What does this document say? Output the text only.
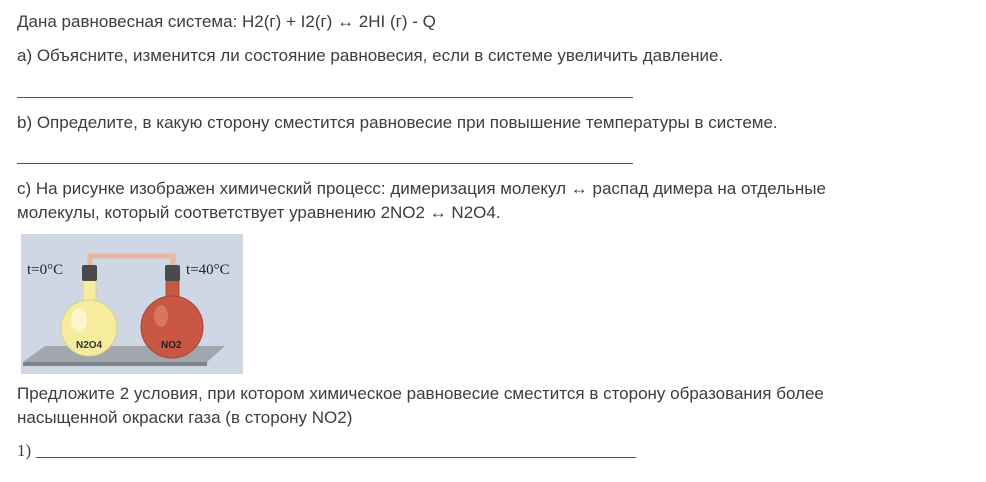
Дана равновесная система: H2(г) + I2(г) ↔ 2HI (г) - Q
а) Объясните, изменится ли состояние равновесия, если в системе увеличить давление.
b) Определите, в какую сторону сместится равновесие при повышение температуры в системе.
с) На рисунке изображен химический процесс: димеризация молекул ↔ распад димера на отдельные
молекулы, который соответствует уравнению 2NO2 ↔ N2O4.
t=0°C	t=40°C
N2O4	NO2
Предложите 2 условия, при котором химическое равновесие сместится в сторону образования более
насыщенной окраски газа (в сторону NO2)
1)
